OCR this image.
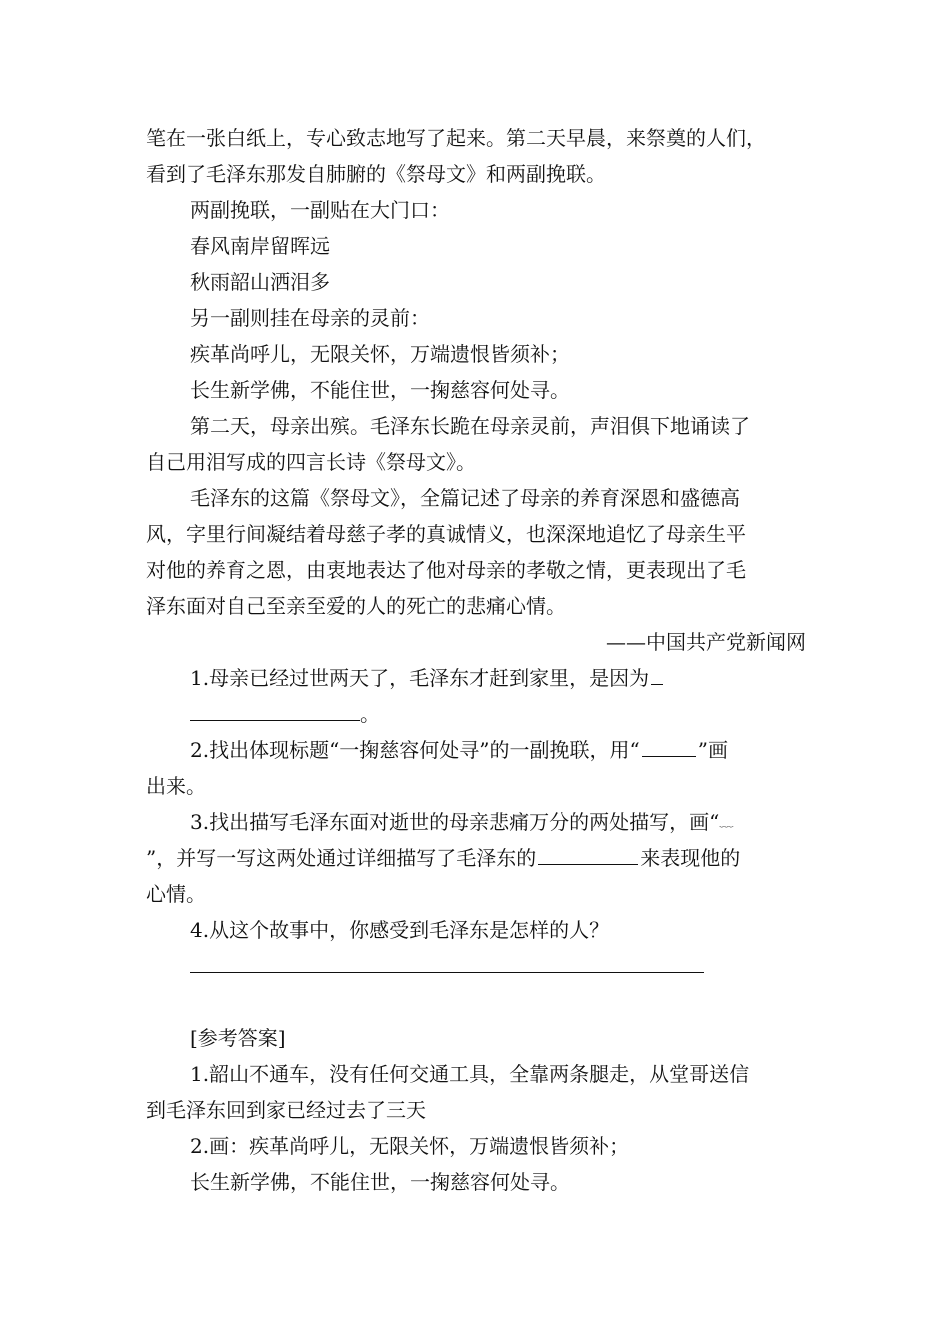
笔在一张白纸上，专心致志地写了起来。第二天早晨，来祭奠的人们，
看到了毛泽东那发自肺腑的《祭母文》和两副挽联。
两副挽联，一副贴在大门口：
春风南岸留晖远
秋雨韶山洒泪多
另一副则挂在母亲的灵前：
疾革尚呼儿，无限关怀，万端遗恨皆须补；
长生新学佛，不能住世，一掬慈容何处寻。
第二天，母亲出殡。毛泽东长跪在母亲灵前，声泪俱下地诵读了
自己用泪写成的四言长诗《祭母文》。
毛泽东的这篇《祭母文》，全篇记述了母亲的养育深恩和盛德高
风，字里行间凝结着母慈子孝的真诚情义，也深深地追忆了母亲生平
对他的养育之恩，由衷地表达了他对母亲的孝敬之情，更表现出了毛
泽东面对自己至亲至爱的人的死亡的悲痛心情。
——中国共产党新闻网
1.母亲已经过世两天了，毛泽东才赶到家里，是因为
。
2.找出体现标题“一掬慈容何处寻”的一副挽联，用“	”画
出来。
3.找出描写毛泽东面对逝世的母亲悲痛万分的两处描写，画“﹏
”，并写一写这两处通过详细描写了毛泽东的	来表现他的
心情。
4.从这个故事中，你感受到毛泽东是怎样的人？
[参考答案]
1.韶山不通车，没有任何交通工具，全靠两条腿走，从堂哥送信
到毛泽东回到家已经过去了三天
2.画：疾革尚呼儿，无限关怀，万端遗恨皆须补；
长生新学佛，不能住世，一掬慈容何处寻。
